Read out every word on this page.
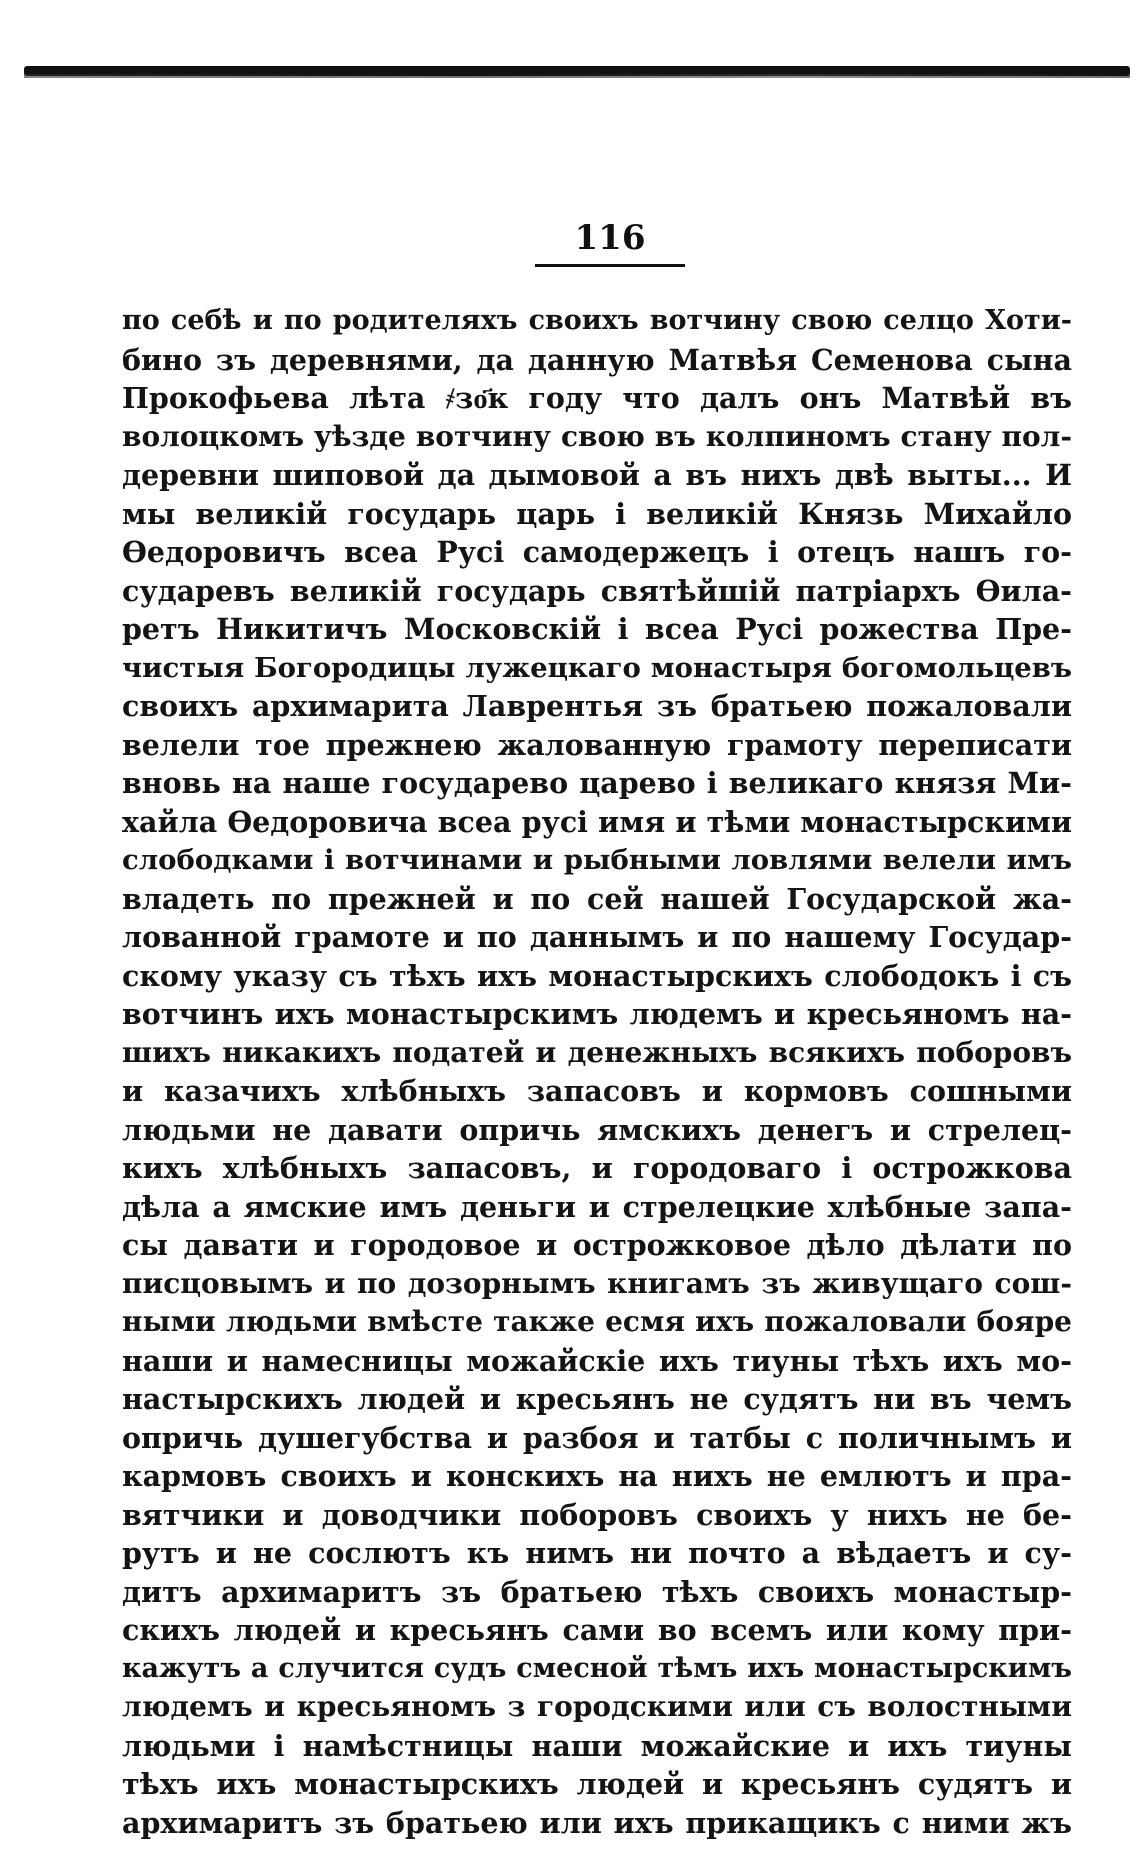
116
по себѣ и по родителяхъ своихъ вотчину свою селцо Хоти-
бино зъ деревнями, да данную Матвѣя Семенова сына
Прокофьева лѣта ҂зо҃к году что далъ онъ Матвѣй въ
волоцкомъ уѣзде вотчину свою въ колпиномъ стану пол-
деревни шиповой да дымовой а въ нихъ двѣ выты... И
мы великій государь царь і великій Князь Михайло
Ѳедоровичъ всеа Русі самодержецъ і отецъ нашъ го-
сударевъ великій государь святѣйшій патріархъ Ѳила-
ретъ Никитичъ Московскій і всеа Русі рожества Пре-
чистыя Богородицы лужецкаго монастыря богомольцевъ
своихъ архимарита Лаврентья зъ братьею пожаловали
велели тое прежнею жалованную грамоту переписати
вновь на наше государево царево і великаго князя Ми-
хайла Ѳедоровича всеа русі имя и тѣми монастырскими
слободками і вотчинами и рыбными ловлями велели имъ
владеть по прежней и по сей нашей Государской жа-
лованной грамоте и по даннымъ и по нашему Государ-
скому указу съ тѣхъ ихъ монастырскихъ слободокъ і съ
вотчинъ ихъ монастырскимъ людемъ и кресьяномъ на-
шихъ никакихъ податей и денежныхъ всякихъ поборовъ
и казачихъ хлѣбныхъ запасовъ и кормовъ сошными
людьми не давати опричь ямскихъ денегъ и стрелец-
кихъ хлѣбныхъ запасовъ, и городоваго і острожкова
дѣла а ямские имъ деньги и стрелецкие хлѣбные запа-
сы давати и городовое и острожковое дѣло дѣлати по
писцовымъ и по дозорнымъ книгамъ зъ живущаго сош-
ными людьми вмѣсте также есмя ихъ пожаловали бояре
наши и намесницы можайскіе ихъ тиуны тѣхъ ихъ мо-
настырскихъ людей и кресьянъ не судятъ ни въ чемъ
опричь душегубства и разбоя и татбы с поличнымъ и
кармовъ своихъ и конскихъ на нихъ не емлютъ и пра-
вятчики и доводчики поборовъ своихъ у нихъ не бе-
рутъ и не сослютъ къ нимъ ни почто а вѣдаетъ и су-
дитъ архимаритъ зъ братьею тѣхъ своихъ монастыр-
скихъ людей и кресьянъ сами во всемъ или кому при-
кажутъ а случится судъ смесной тѣмъ ихъ монастырскимъ
людемъ и кресьяномъ з городскими или съ волостными
людьми і намѣстницы наши можайские и ихъ тиуны
тѣхъ ихъ монастырскихъ людей и кресьянъ судятъ и
архимаритъ зъ братьею или ихъ прикащикъ с ними жъ
